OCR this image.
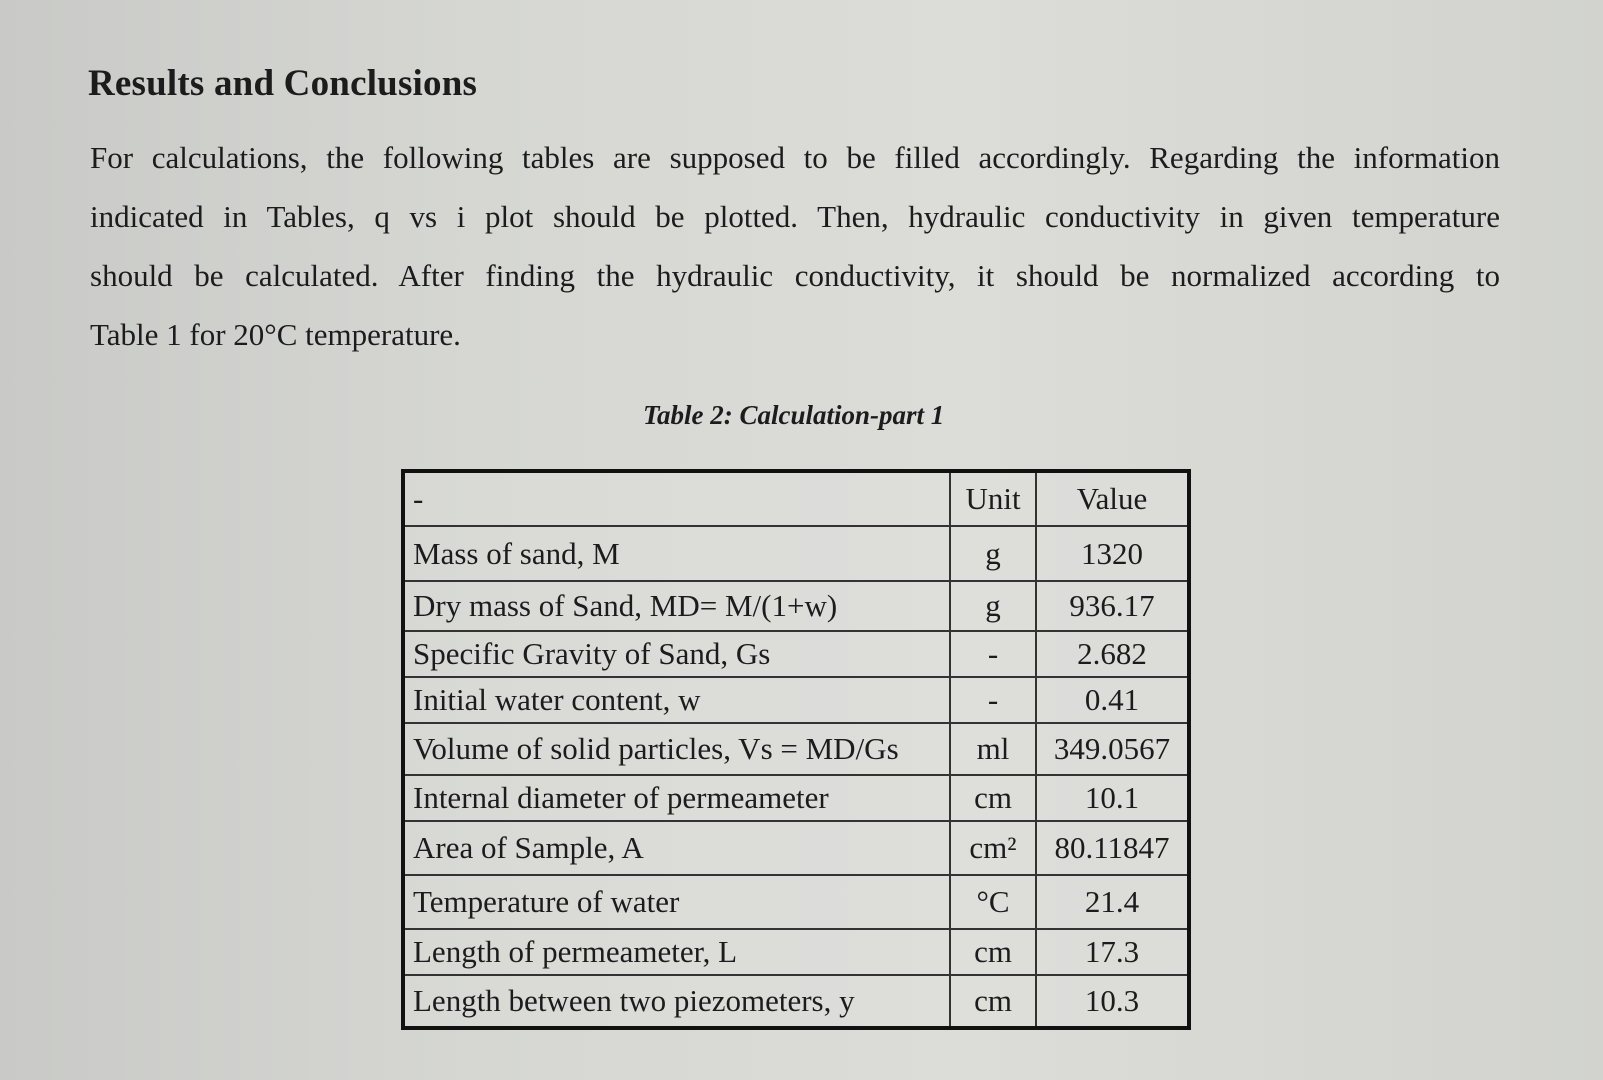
Results and Conclusions

For calculations, the following tables are supposed to be filled accordingly. Regarding the information
indicated in Tables, q vs i plot should be plotted. Then, hydraulic conductivity in given temperature
should be calculated. After finding the hydraulic conductivity, it should be normalized according to
Table 1 for 20°C temperature.

Table 2: Calculation-part 1
-	Unit	Value
Mass of sand, M	g	1320
Dry mass of Sand, MD= M/(1+w)	g	936.17
Specific Gravity of Sand, Gs	-	2.682
Initial water content, w	-	0.41
Volume of solid particles, Vs = MD/Gs	ml	349.0567
Internal diameter of permeameter	cm	10.1
Area of Sample, A	cm²	80.11847
Temperature of water	°C	21.4
Length of permeameter, L	cm	17.3
Length between two piezometers, y	cm	10.3
